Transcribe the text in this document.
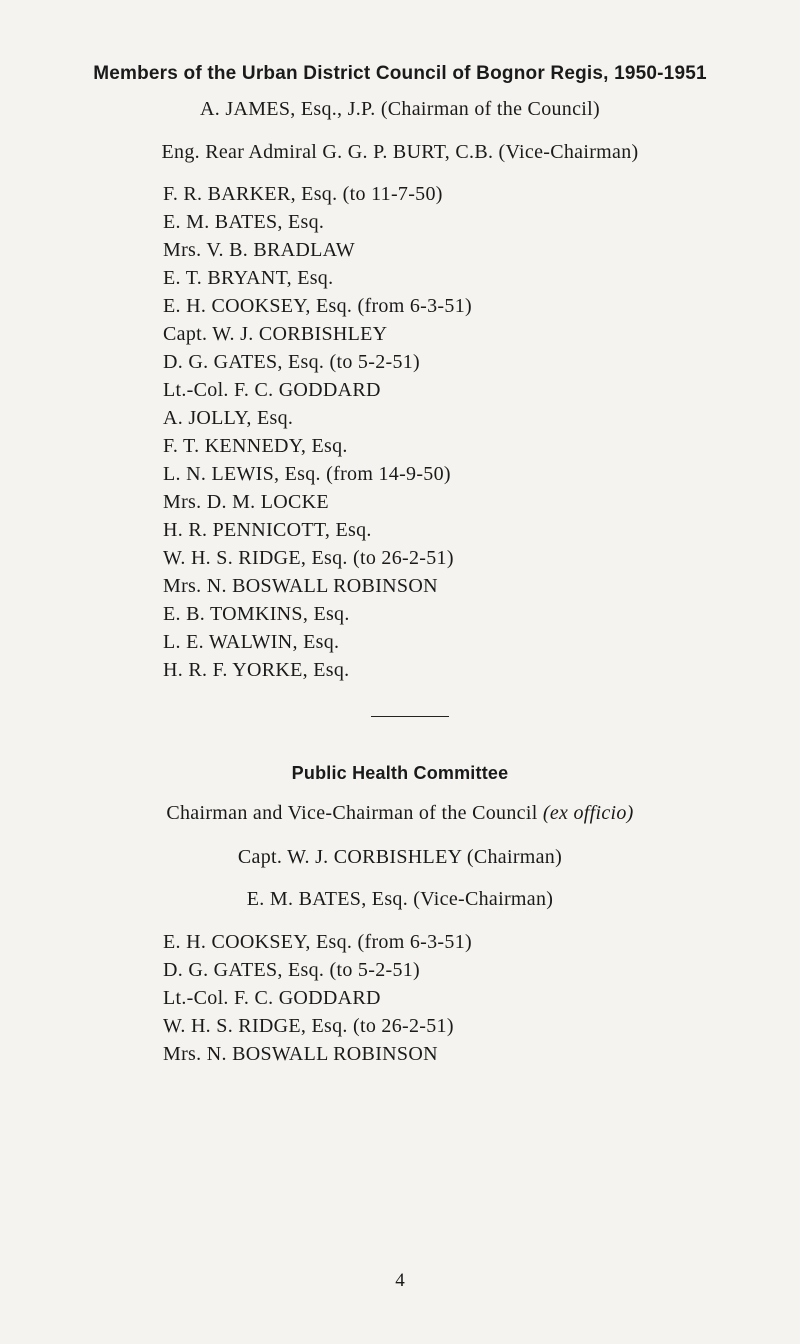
Members of the Urban District Council of Bognor Regis, 1950-1951
A. JAMES, Esq., J.P. (Chairman of the Council)
Eng. Rear Admiral G. G. P. BURT, C.B. (Vice-Chairman)
F. R. BARKER, Esq. (to 11-7-50)
E. M. BATES, Esq.
Mrs. V. B. BRADLAW
E. T. BRYANT, Esq.
E. H. COOKSEY, Esq. (from 6-3-51)
Capt. W. J. CORBISHLEY
D. G. GATES, Esq. (to 5-2-51)
Lt.-Col. F. C. GODDARD
A. JOLLY, Esq.
F. T. KENNEDY, Esq.
L. N. LEWIS, Esq. (from 14-9-50)
Mrs. D. M. LOCKE
H. R. PENNICOTT, Esq.
W. H. S. RIDGE, Esq. (to 26-2-51)
Mrs. N. BOSWALL ROBINSON
E. B. TOMKINS, Esq.
L. E. WALWIN, Esq.
H. R. F. YORKE, Esq.
Public Health Committee
Chairman and Vice-Chairman of the Council (ex officio)
Capt. W. J. CORBISHLEY (Chairman)
E. M. BATES, Esq. (Vice-Chairman)
E. H. COOKSEY, Esq. (from 6-3-51)
D. G. GATES, Esq. (to 5-2-51)
Lt.-Col. F. C. GODDARD
W. H. S. RIDGE, Esq. (to 26-2-51)
Mrs. N. BOSWALL ROBINSON
4
